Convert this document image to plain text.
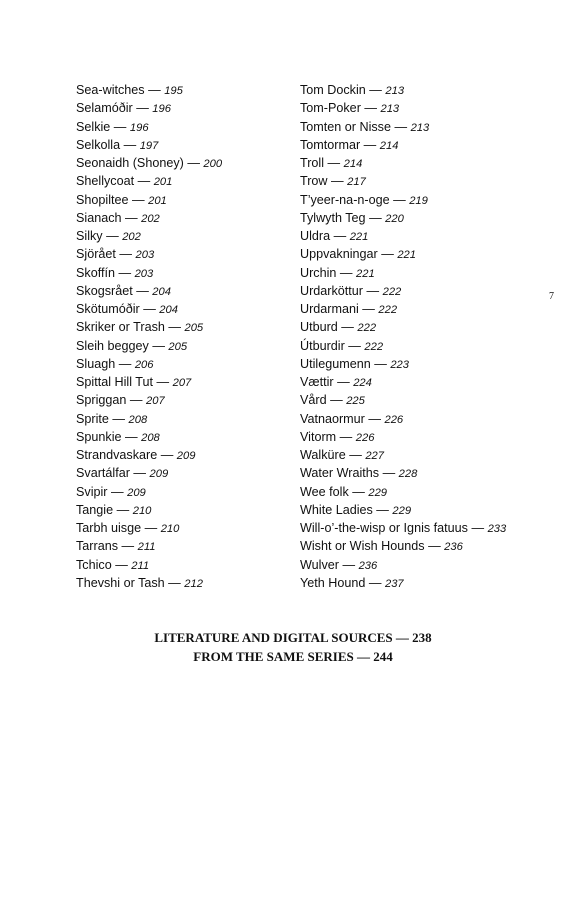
Sea-witches — 195
Selamóðir — 196
Selkie — 196
Selkolla — 197
Seonaidh (Shoney) — 200
Shellycoat — 201
Shopiltee — 201
Sianach — 202
Silky — 202
Sjörået — 203
Skoffín — 203
Skogsrået — 204
Skötumóðir — 204
Skriker or Trash — 205
Sleih beggey — 205
Sluagh — 206
Spittal Hill Tut — 207
Spriggan — 207
Sprite — 208
Spunkie — 208
Strandvaskare — 209
Svartálfar — 209
Svipir — 209
Tangie — 210
Tarbh uisge — 210
Tarrans — 211
Tchico — 211
Thevshi or Tash — 212
Tom Dockin — 213
Tom-Poker — 213
Tomten or Nisse — 213
Tomtormar — 214
Troll — 214
Trow — 217
T’yeer-na-n-oge — 219
Tylwyth Teg — 220
Uldra — 221
Uppvakningar — 221
Urchin — 221
Urdarköttur — 222
Urdarmani — 222
Utburd — 222
Útburdir — 222
Utilegumenn — 223
Vættir — 224
Vård — 225
Vatnaormur — 226
Vitorm — 226
Walküre — 227
Water Wraiths — 228
Wee folk — 229
White Ladies — 229
Will-o’-the-wisp or Ignis fatuus — 233
Wisht or Wish Hounds — 236
Wulver — 236
Yeth Hound — 237
7
LITERATURE AND DIGITAL SOURCES — 238
FROM THE SAME SERIES — 244
